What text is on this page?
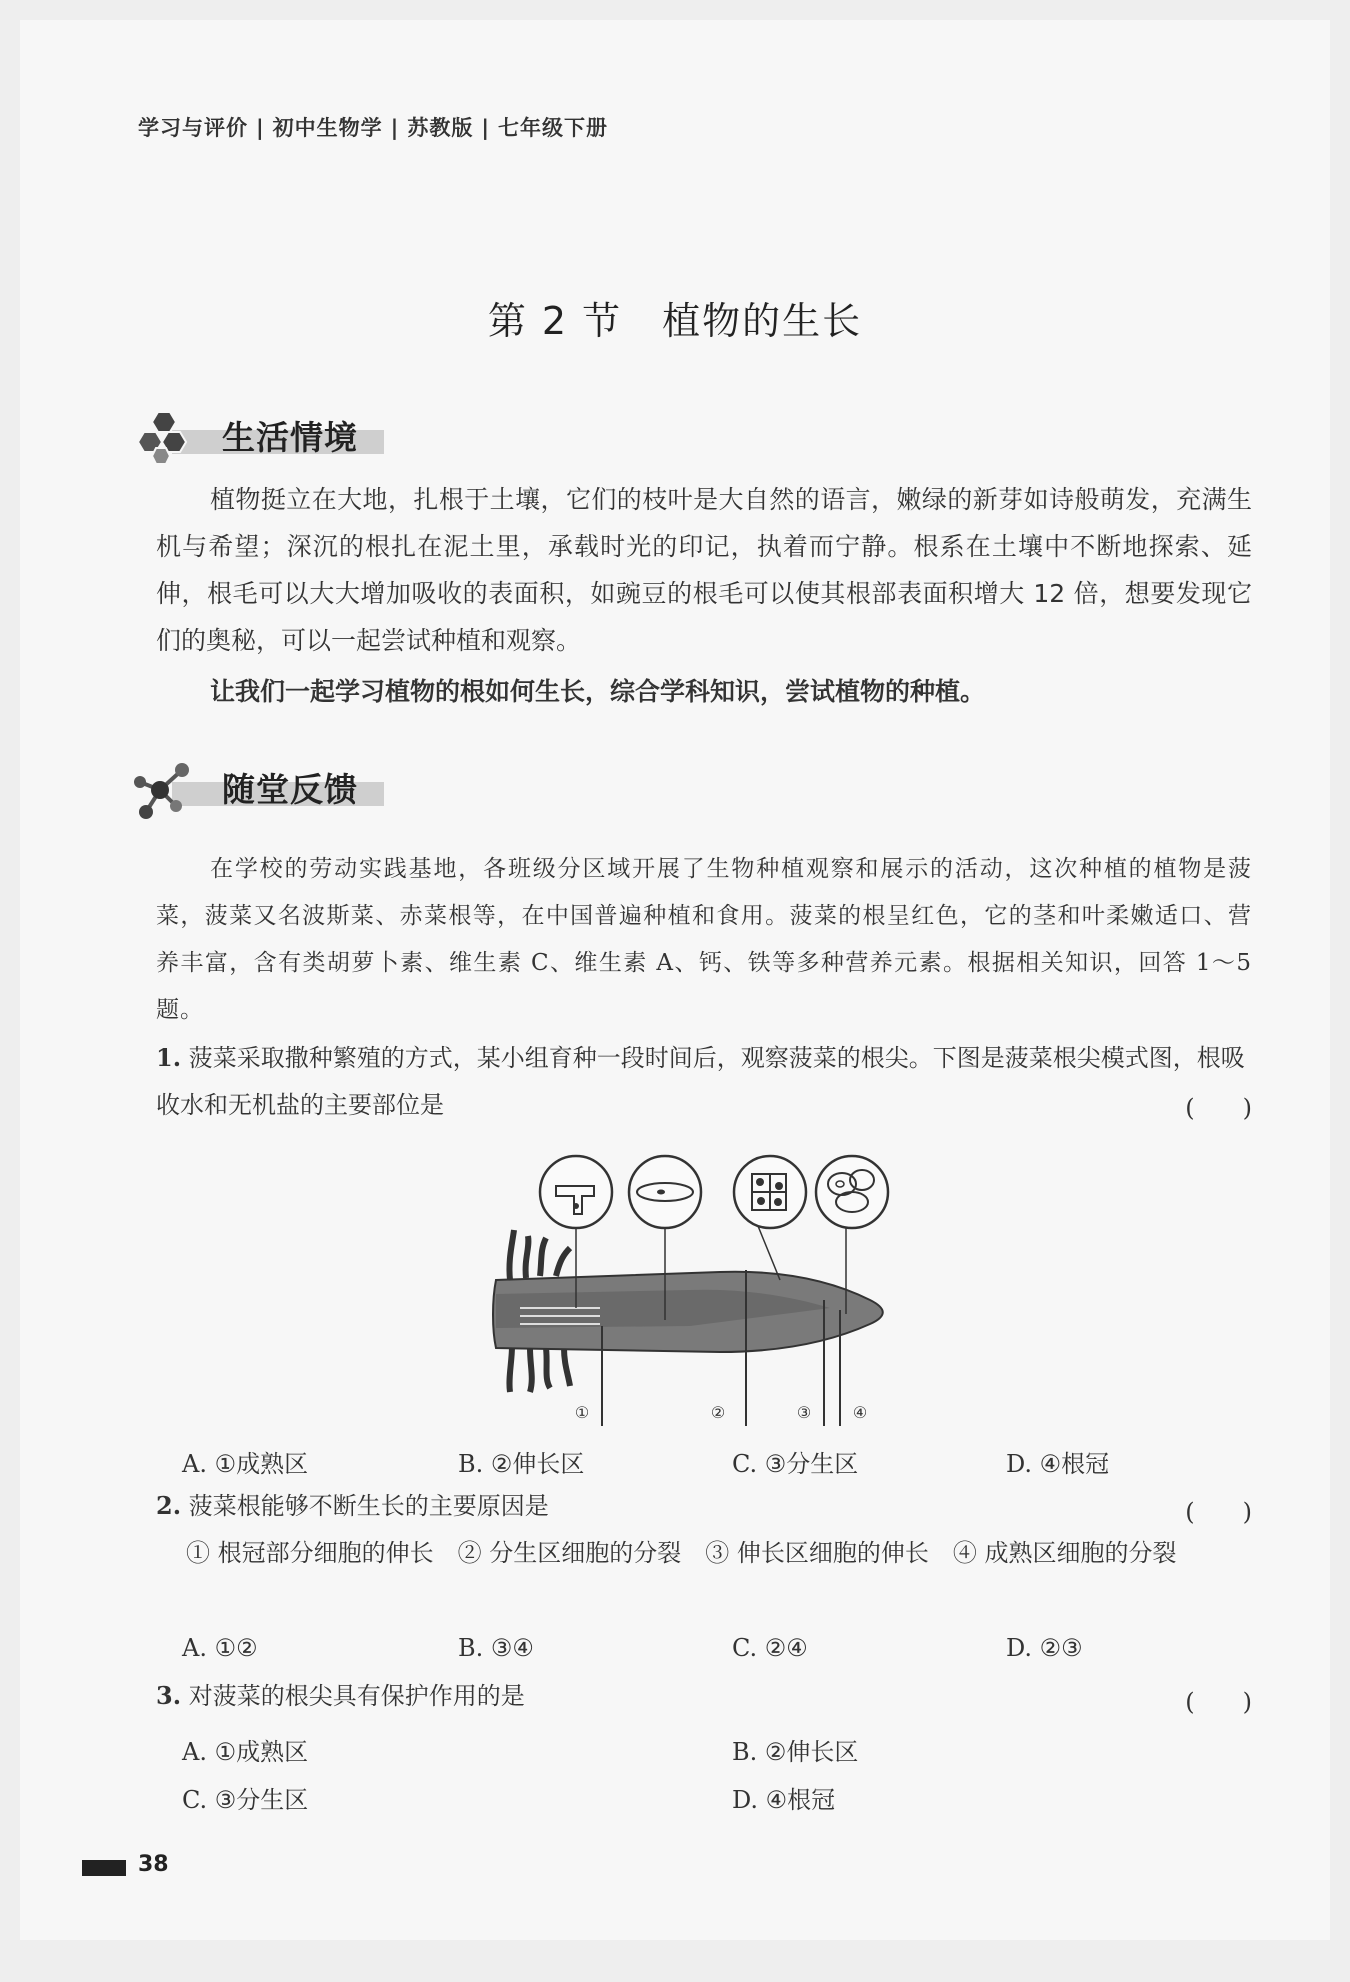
学习与评价 | 初中生物学 | 苏教版 | 七年级下册
第 2 节 植物的生长
生活情境
植物挺立在大地，扎根于土壤，它们的枝叶是大自然的语言，嫩绿的新芽如诗般萌发，充满生机与希望；深沉的根扎在泥土里，承载时光的印记，执着而宁静。根系在土壤中不断地探索、延伸，根毛可以大大增加吸收的表面积，如豌豆的根毛可以使其根部表面积增大 12 倍，想要发现它们的奥秘，可以一起尝试种植和观察。
让我们一起学习植物的根如何生长，综合学科知识，尝试植物的种植。
随堂反馈
在学校的劳动实践基地，各班级分区域开展了生物种植观察和展示的活动，这次种植的植物是菠菜，菠菜又名波斯菜、赤菜根等，在中国普遍种植和食用。菠菜的根呈红色，它的茎和叶柔嫩适口、营养丰富，含有类胡萝卜素、维生素 C、维生素 A、钙、铁等多种营养元素。根据相关知识，回答 1～5 题。
1. 菠菜采取撒种繁殖的方式，某小组育种一段时间后，观察菠菜的根尖。下图是菠菜根尖模式图，根吸收水和无机盐的主要部位是	(　　)
①	②	③	④
A. ①成熟区	B. ②伸长区	C. ③分生区	D. ④根冠
2. 菠菜根能够不断生长的主要原因是	(　　)
① 根冠部分细胞的伸长　② 分生区细胞的分裂　③ 伸长区细胞的伸长　④ 成熟区细胞的分裂
A. ①②	B. ③④	C. ②④	D. ②③
3. 对菠菜的根尖具有保护作用的是	(　　)
A. ①成熟区	B. ②伸长区
C. ③分生区	D. ④根冠
38
